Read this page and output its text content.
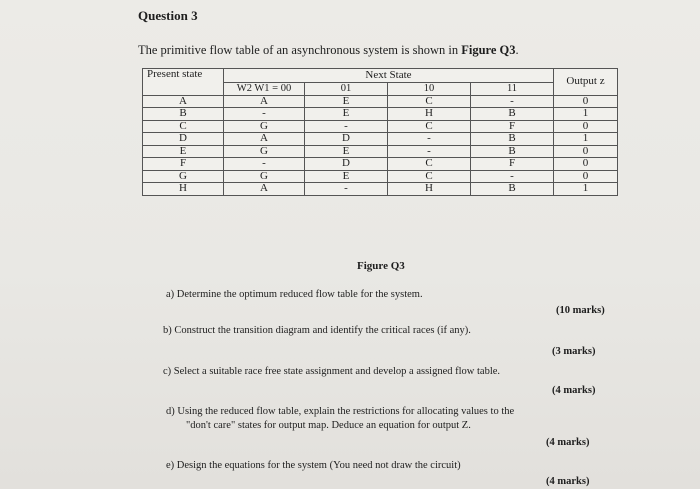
Question 3
The primitive flow table of an asynchronous system is shown in Figure Q3.
Present state	Next State				Output z
	W2 W1 = 00	01	10	11	
A	A	E	C	-	0
B	-	E	H	B	1
C	G	-	C	F	0
D	A	D	-	B	1
E	G	E	-	B	0
F	-	D	C	F	0
G	G	E	C	-	0
H	A	-	H	B	1
Figure Q3
a) Determine the optimum reduced flow table for the system.
(10 marks)
b) Construct the transition diagram and identify the critical races (if any).
(3 marks)
c) Select a suitable race free state assignment and develop a assigned flow table.
(4 marks)
d) Using the reduced flow table, explain the restrictions for allocating values to the
"don't care" states for output map. Deduce an equation for output Z.
(4 marks)
e) Design the equations for the system (You need not draw the circuit)
(4 marks)
